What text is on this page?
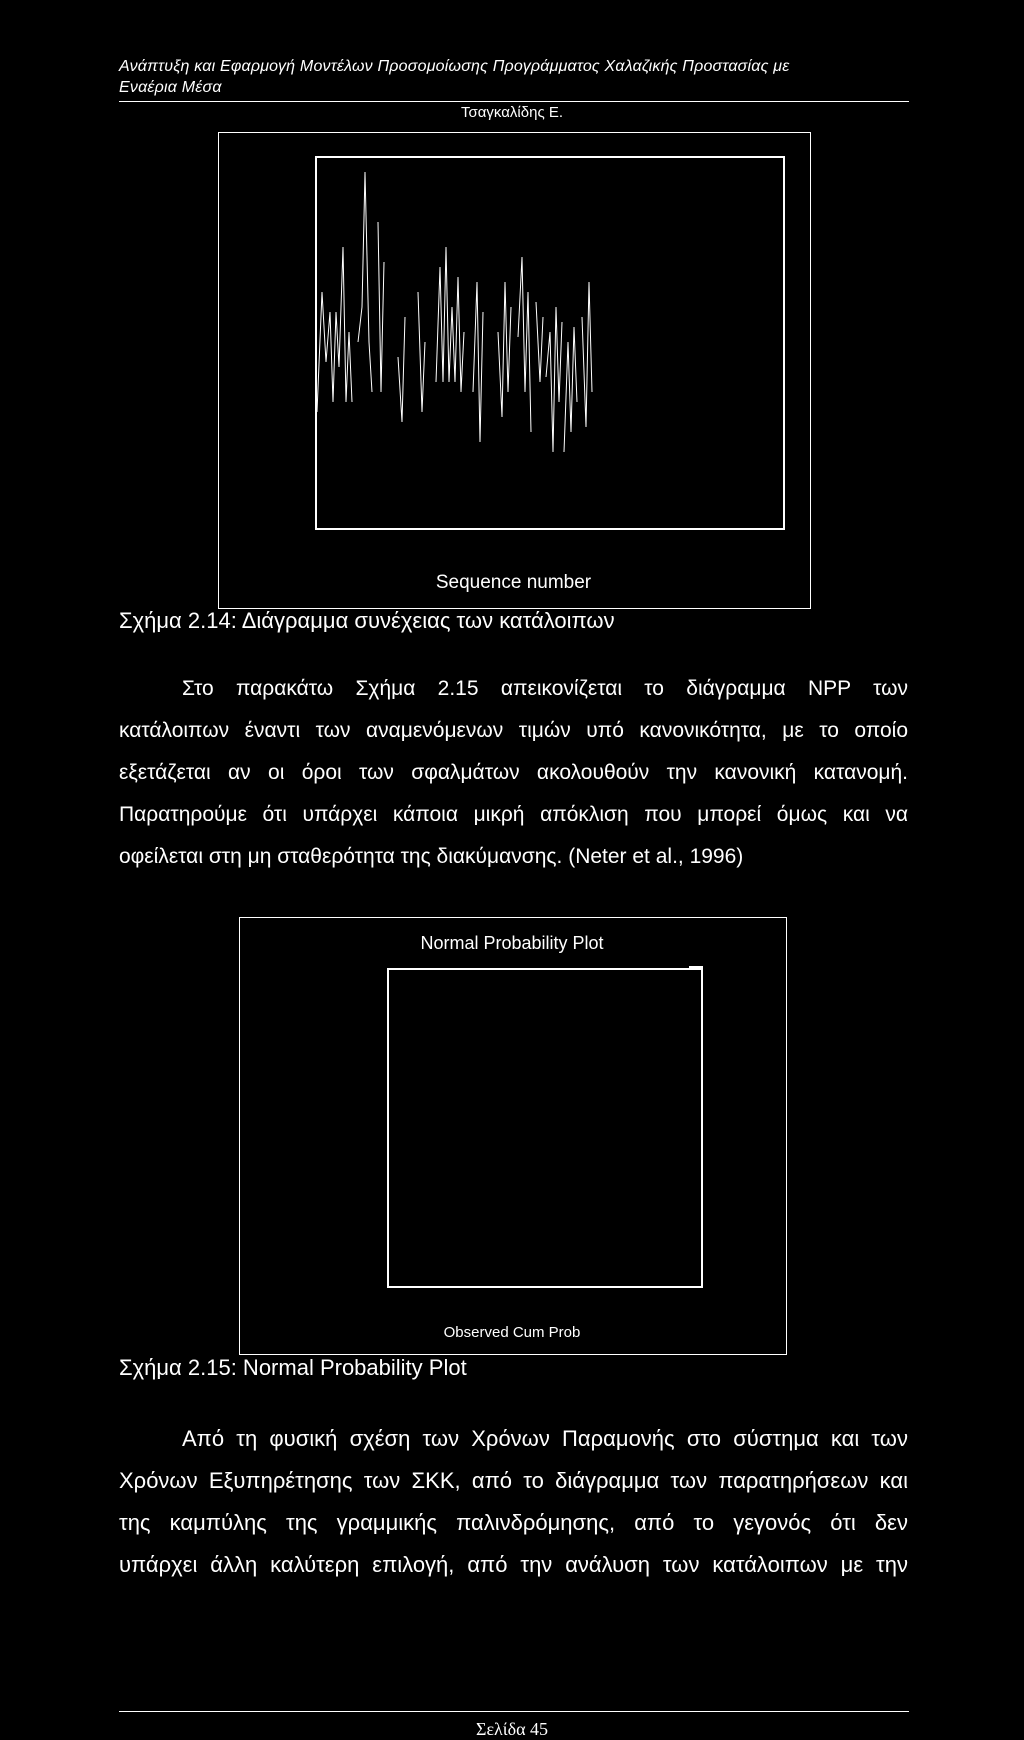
Ανάπτυξη και Εφαρμογή Μοντέλων Προσομοίωσης Προγράμματος Χαλαζικής Προστασίας με
Εναέρια Μέσα
Τσαγκαλίδης Ε.
Sequence number
Σχήμα 2.14: Διάγραμμα συνέχειας των κατάλοιπων
Στο παρακάτω Σχήμα 2.15 απεικονίζεται το διάγραμμα NPP των
κατάλοιπων έναντι των αναμενόμενων τιμών υπό κανονικότητα, με το οποίο
εξετάζεται αν οι όροι των σφαλμάτων ακολουθούν την κανονική κατανομή.
Παρατηρούμε ότι υπάρχει κάποια μικρή απόκλιση που μπορεί όμως και να
οφείλεται στη μη σταθερότητα της διακύμανσης. (Neter et al., 1996)
Normal Probability Plot
Observed Cum Prob
Σχήμα 2.15: Normal Probability Plot
Από τη φυσική σχέση των Χρόνων Παραμονής στο σύστημα και των
Χρόνων Εξυπηρέτησης των ΣΚΚ, από το διάγραμμα των παρατηρήσεων και
της καμπύλης της γραμμικής παλινδρόμησης, από το γεγονός ότι δεν
υπάρχει άλλη καλύτερη επιλογή, από την ανάλυση των κατάλοιπων με την
Σελίδα 45
